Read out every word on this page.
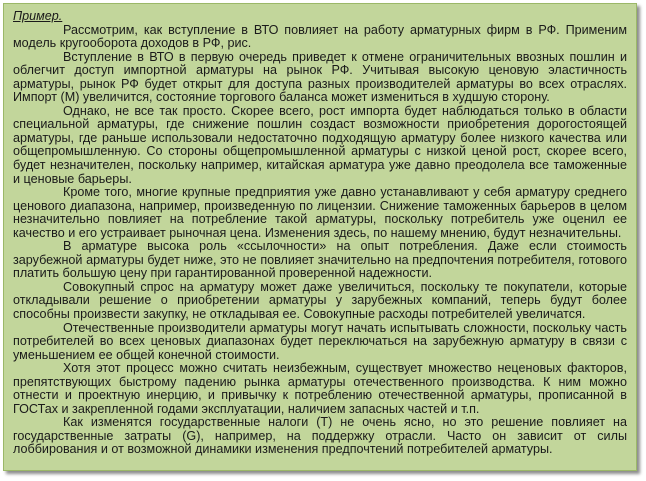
Пример.

Рассмотрим, как вступление в ВТО повлияет на работу арматурных фирм в РФ. Применим модель кругооборота доходов в РФ, рис.

Вступление в ВТО в первую очередь приведет к отмене ограничительных ввозных пошлин и облегчит доступ импортной арматуры на рынок РФ. Учитывая высокую ценовую эластичность арматуры, рынок РФ будет открыт для доступа разных производителей арматуры во всех отраслях. Импорт (М) увеличится, состояние торгового баланса может измениться в худшую сторону.

Однако, не все так просто. Скорее всего, рост импорта будет наблюдаться только в области специальной арматуры, где снижение пошлин создаст возможности приобретения дорогостоящей арматуры, где раньше использовали недостаточно подходящую арматуру более низкого качества или общепромышленную. Со стороны общепромышленной арматуры с низкой ценой рост, скорее всего, будет незначителен, поскольку например, китайская арматура уже давно преодолела все таможенные и ценовые барьеры.

Кроме того, многие крупные предприятия уже давно устанавливают у себя арматуру среднего ценового диапазона, например, произведенную по лицензии. Снижение таможенных барьеров в целом незначительно повлияет на потребление такой арматуры, поскольку потребитель уже оценил ее качество и его устраивает рыночная цена. Изменения здесь, по нашему мнению, будут незначительны.

В арматуре высока роль «ссылочности» на опыт потребления. Даже если стоимость зарубежной арматуры будет ниже, это не повлияет значительно на предпочтения потребителя, готового платить большую цену при гарантированной проверенной надежности.

Совокупный спрос на арматуру может даже увеличиться, поскольку те покупатели, которые откладывали решение о приобретении арматуры у зарубежных компаний, теперь будут более способны произвести закупку, не откладывая ее. Совокупные расходы потребителей увеличатся.

Отечественные производители арматуры могут начать испытывать сложности, поскольку часть потребителей во всех ценовых диапазонах будет переключаться на зарубежную арматуру в связи с уменьшением ее общей конечной стоимости.

Хотя этот процесс можно считать неизбежным, существует множество неценовых факторов, препятствующих быстрому падению рынка арматуры отечественного производства. К ним можно отнести и проектную инерцию, и привычку к потреблению отечественной арматуры, прописанной в ГОСТах и закрепленной годами эксплуатации, наличием запасных частей и т.п.

Как изменятся государственные налоги (Т) не очень ясно, но это решение повлияет на государственные затраты (G), например, на поддержку отрасли. Часто он зависит от силы лоббирования и от возможной динамики изменения предпочтений потребителей арматуры.
